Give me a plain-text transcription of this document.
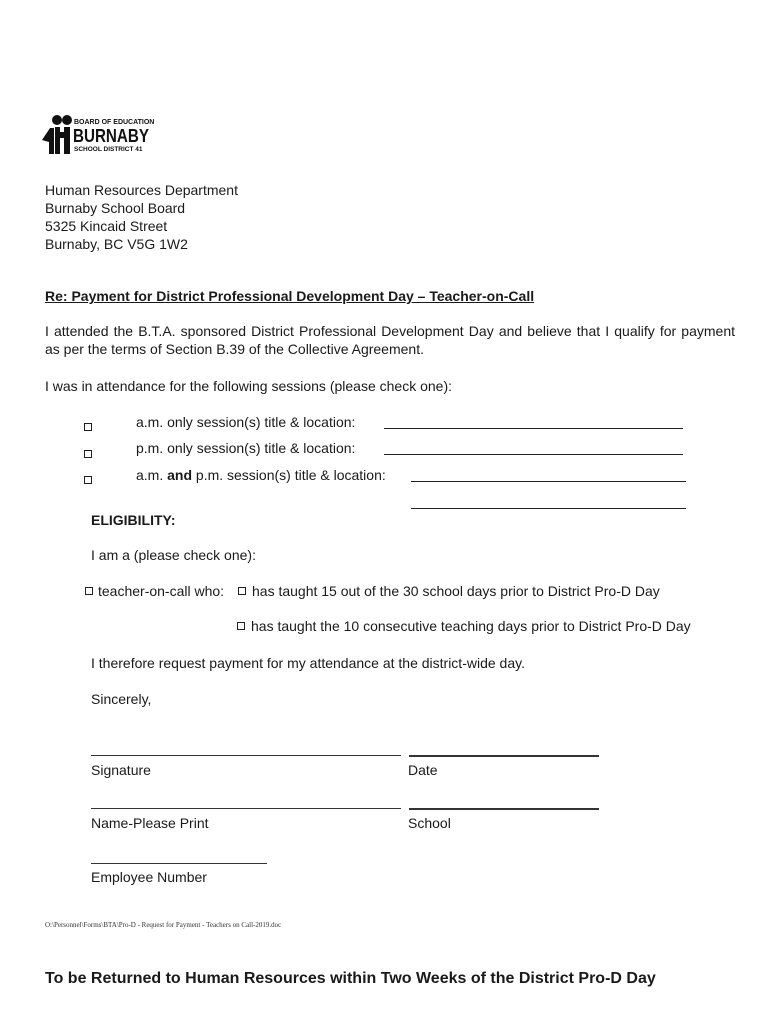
BOARD OF EDUCATION
BURNABY
SCHOOL DISTRICT 41
Human Resources Department
Burnaby School Board
5325 Kincaid Street
Burnaby, BC V5G 1W2
Re: Payment for District Professional Development Day – Teacher-on-Call
I attended the B.T.A. sponsored District Professional Development Day and believe that I qualify for payment as per the terms of Section B.39 of the Collective Agreement.
I was in attendance for the following sessions (please check one):
a.m. only session(s) title & location:
p.m. only session(s) title & location:
a.m. and p.m. session(s) title & location:
ELIGIBILITY:
I am a (please check one):
teacher-on-call who: has taught 15 out of the 30 school days prior to District Pro-D Day
has taught the 10 consecutive teaching days prior to District Pro-D Day
I therefore request payment for my attendance at the district-wide day.
Sincerely,
Signature	Date
Name-Please Print	School
Employee Number
O:\Personnel\Forms\BTA\Pro-D - Request for Payment - Teachers on Call-2019.doc
To be Returned to Human Resources within Two Weeks of the District Pro-D Day
